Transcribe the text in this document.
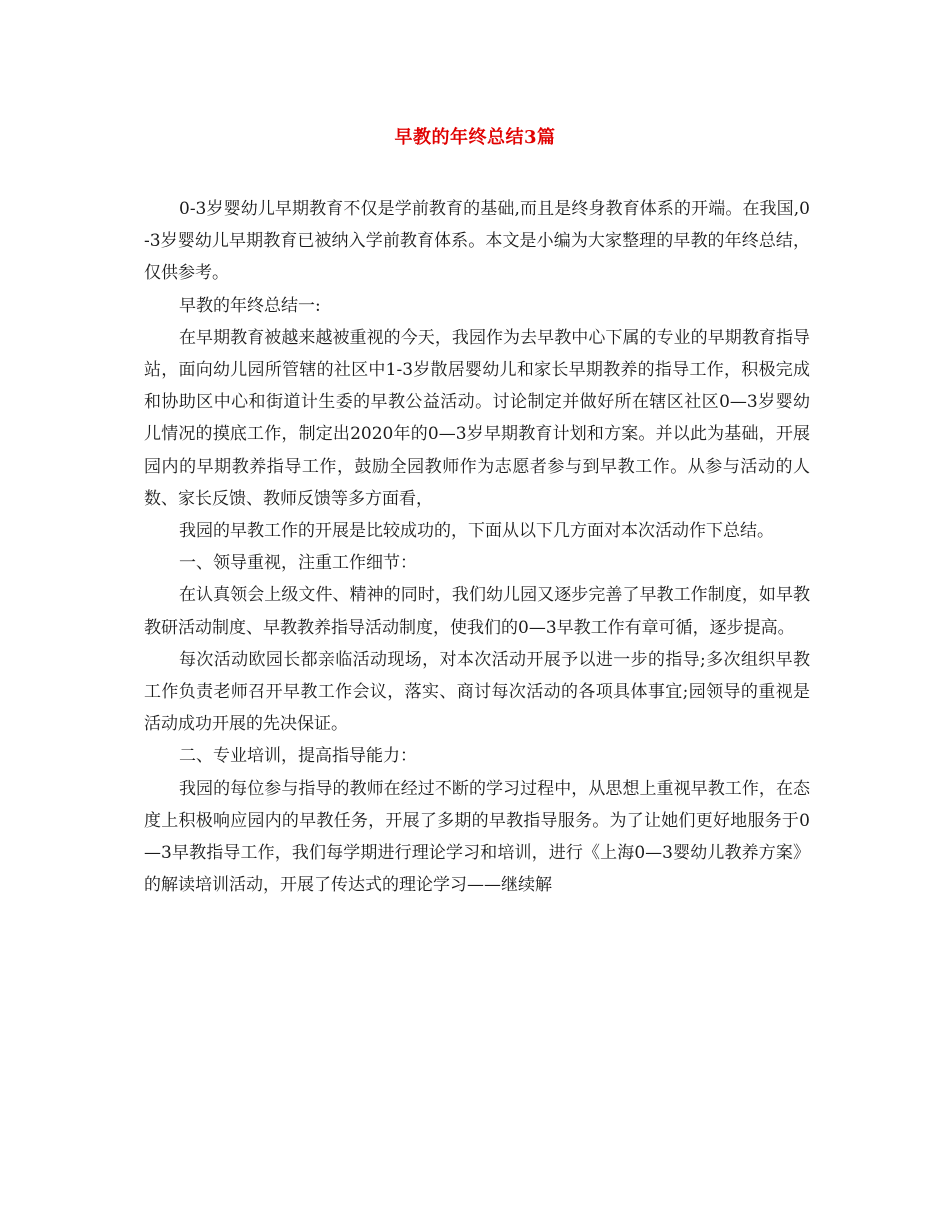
早教的年终总结3篇

0-3岁婴幼儿早期教育不仅是学前教育的基础,而且是终身教育体系的开端。在我国,0-3岁婴幼儿早期教育已被纳入学前教育体系。本文是小编为大家整理的早教的年终总结，仅供参考。

早教的年终总结一:

在早期教育被越来越被重视的今天，我园作为去早教中心下属的专业的早期教育指导站，面向幼儿园所管辖的社区中1-3岁散居婴幼儿和家长早期教养的指导工作，积极完成和协助区中心和街道计生委的早教公益活动。讨论制定并做好所在辖区社区0—3岁婴幼儿情况的摸底工作，制定出2020年的0—3岁早期教育计划和方案。并以此为基础，开展园内的早期教养指导工作，鼓励全园教师作为志愿者参与到早教工作。从参与活动的人数、家长反馈、教师反馈等多方面看，

我园的早教工作的开展是比较成功的，下面从以下几方面对本次活动作下总结。

一、领导重视，注重工作细节：

在认真领会上级文件、精神的同时，我们幼儿园又逐步完善了早教工作制度，如早教教研活动制度、早教教养指导活动制度，使我们的0—3早教工作有章可循，逐步提高。

每次活动欧园长都亲临活动现场，对本次活动开展予以进一步的指导;多次组织早教工作负责老师召开早教工作会议，落实、商讨每次活动的各项具体事宜;园领导的重视是活动成功开展的先决保证。

二、专业培训，提高指导能力：

我园的每位参与指导的教师在经过不断的学习过程中，从思想上重视早教工作，在态度上积极响应园内的早教任务，开展了多期的早教指导服务。为了让她们更好地服务于0—3早教指导工作，我们每学期进行理论学习和培训，进行《上海0—3婴幼儿教养方案》的解读培训活动，开展了传达式的理论学习——继续解
